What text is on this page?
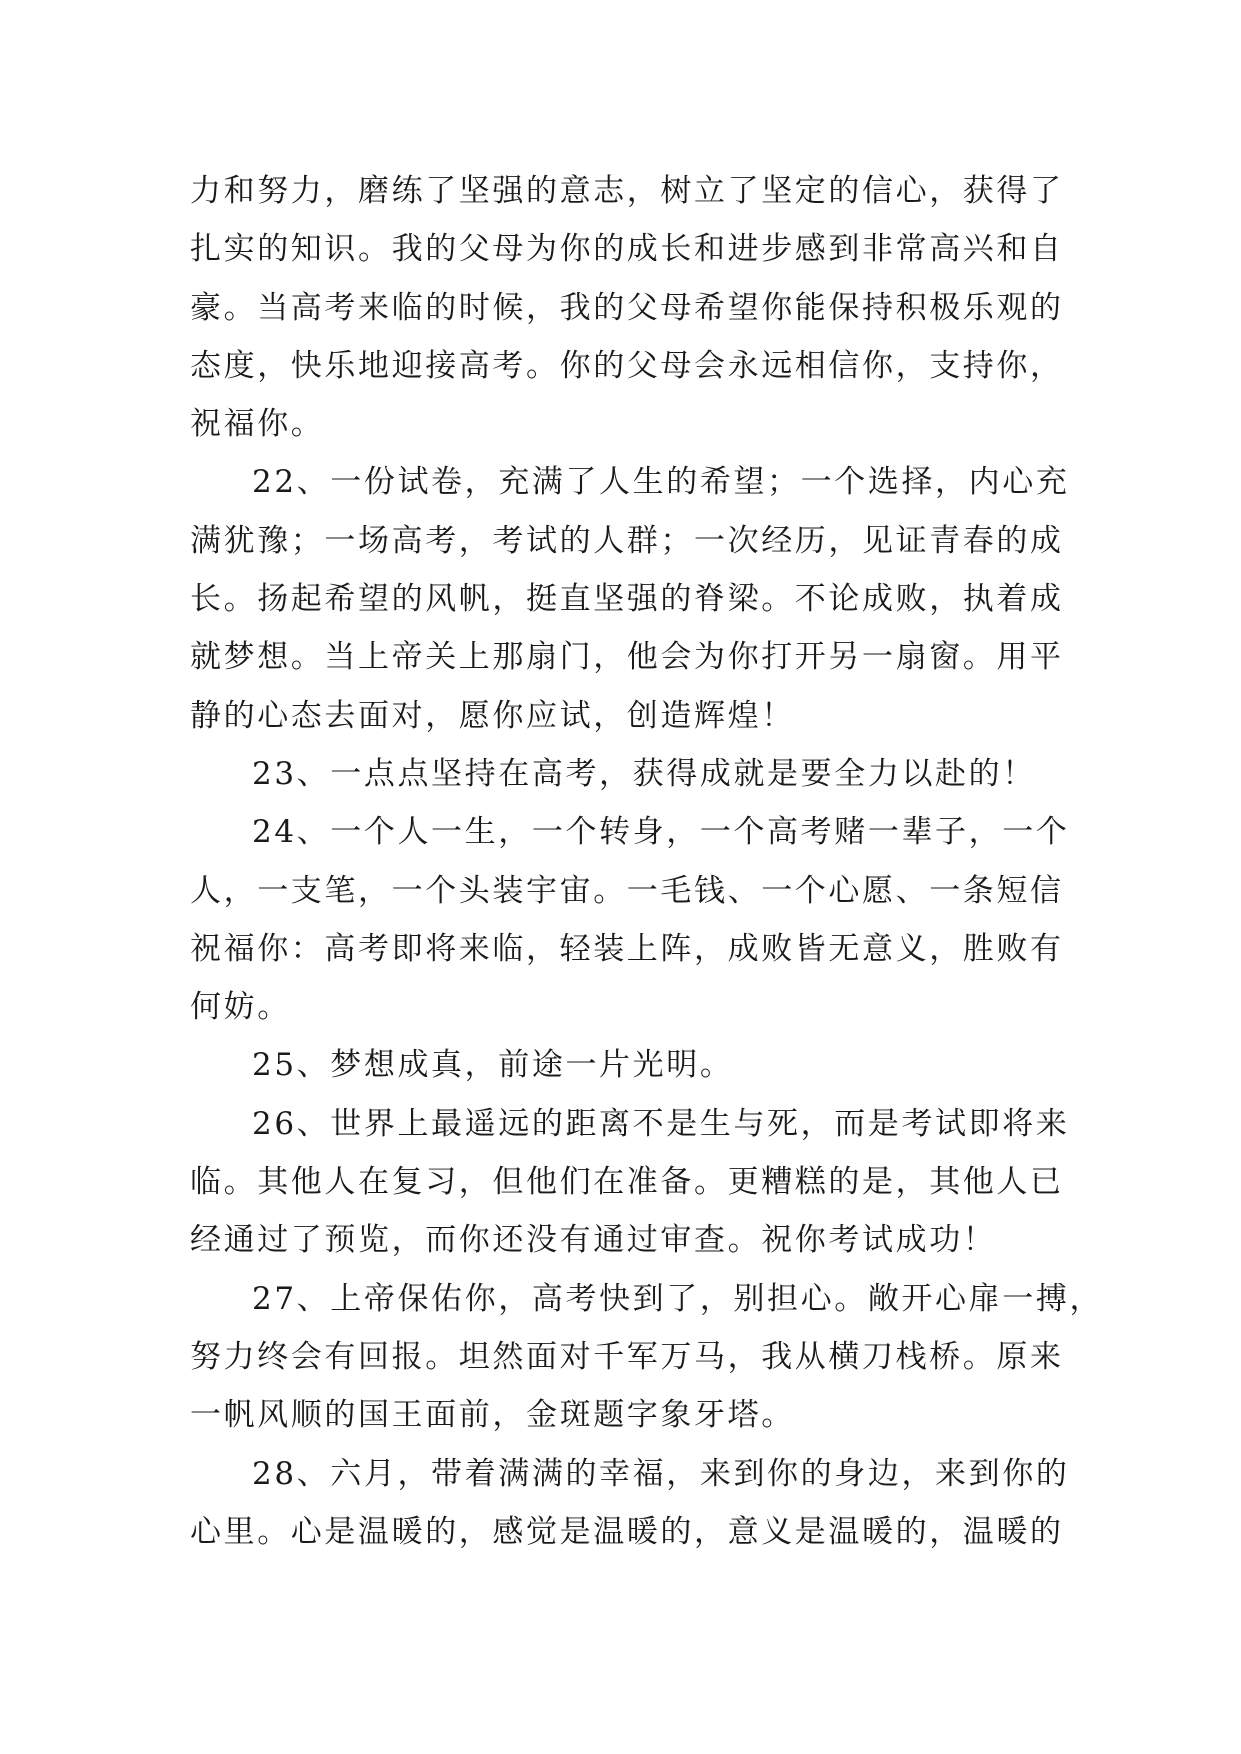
力和努力，磨练了坚强的意志，树立了坚定的信心，获得了
扎实的知识。我的父母为你的成长和进步感到非常高兴和自
豪。当高考来临的时候，我的父母希望你能保持积极乐观的
态度，快乐地迎接高考。你的父母会永远相信你，支持你，
祝福你。
22、一份试卷，充满了人生的希望；一个选择，内心充
满犹豫；一场高考，考试的人群；一次经历，见证青春的成
长。扬起希望的风帆，挺直坚强的脊梁。不论成败，执着成
就梦想。当上帝关上那扇门，他会为你打开另一扇窗。用平
静的心态去面对，愿你应试，创造辉煌！
23、一点点坚持在高考，获得成就是要全力以赴的！
24、一个人一生，一个转身，一个高考赌一辈子，一个
人，一支笔，一个头装宇宙。一毛钱、一个心愿、一条短信
祝福你：高考即将来临，轻装上阵，成败皆无意义，胜败有
何妨。
25、梦想成真，前途一片光明。
26、世界上最遥远的距离不是生与死，而是考试即将来
临。其他人在复习，但他们在准备。更糟糕的是，其他人已
经通过了预览，而你还没有通过审查。祝你考试成功！
27、上帝保佑你，高考快到了，别担心。敞开心扉一搏，
努力终会有回报。坦然面对千军万马，我从横刀栈桥。原来
一帆风顺的国王面前，金斑题字象牙塔。
28、六月，带着满满的幸福，来到你的身边，来到你的
心里。心是温暖的，感觉是温暖的，意义是温暖的，温暖的
